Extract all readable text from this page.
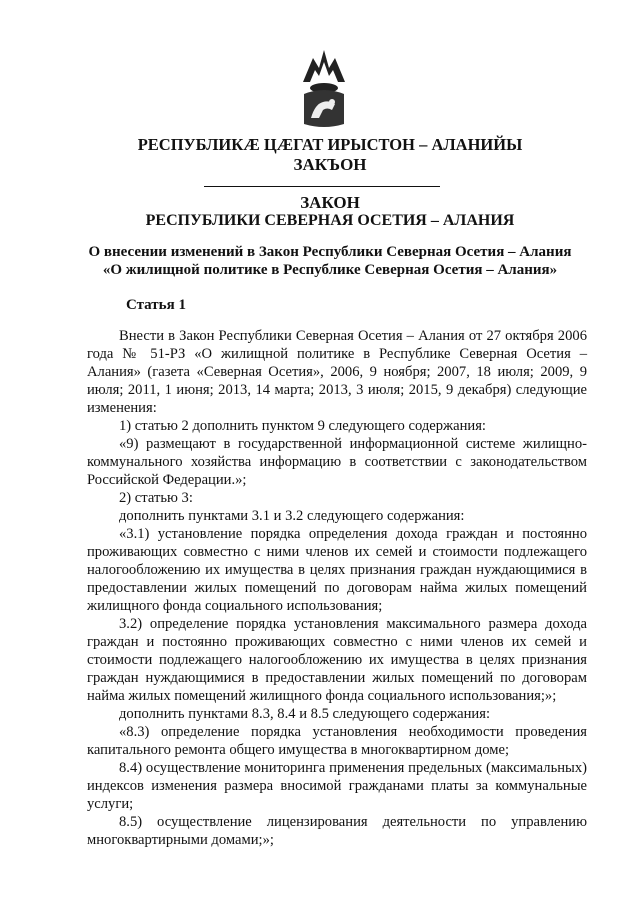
РЕСПУБЛИКӔ ЦӔГАТ ИРЫСТОН – АЛАНИЙЫ
ЗАКЪОН
ЗАКОН
РЕСПУБЛИКИ СЕВЕРНАЯ ОСЕТИЯ – АЛАНИЯ
О внесении изменений в Закон Республики Северная Осетия – Алания
«О жилищной политике в Республике Северная Осетия – Алания»
Статья 1

Внести в Закон Республики Северная Осетия – Алания от 27 октября 2006 года № 51-РЗ «О жилищной политике в Республике Северная Осетия – Алания» (газета «Северная Осетия», 2006, 9 ноября; 2007, 18 июля; 2009, 9 июля; 2011, 1 июня; 2013, 14 марта; 2013, 3 июля; 2015, 9 декабря) следующие изменения:

1) статью 2 дополнить пунктом 9 следующего содержания:

«9) размещают в государственной информационной системе жилищно-коммунального хозяйства информацию в соответствии с законодательством Российской Федерации.»;

2) статью 3:

дополнить пунктами 3.1 и 3.2 следующего содержания:

«3.1) установление порядка определения дохода граждан и постоянно проживающих совместно с ними членов их семей и стоимости подлежащего налогообложению их имущества в целях признания граждан нуждающимися в предоставлении жилых помещений по договорам найма жилых помещений жилищного фонда социального использования;

3.2) определение порядка установления максимального размера дохода граждан и постоянно проживающих совместно с ними членов их семей и стоимости подлежащего налогообложению их имущества в целях признания граждан нуждающимися в предоставлении жилых помещений по договорам найма жилых помещений жилищного фонда социального использования;»;

дополнить пунктами 8.3, 8.4 и 8.5 следующего содержания:

«8.3) определение порядка установления необходимости проведения капитального ремонта общего имущества в многоквартирном доме;

8.4) осуществление мониторинга применения предельных (максимальных) индексов изменения размера вносимой гражданами платы за коммунальные услуги;

8.5) осуществление лицензирования деятельности по управлению многоквартирными домами;»;
